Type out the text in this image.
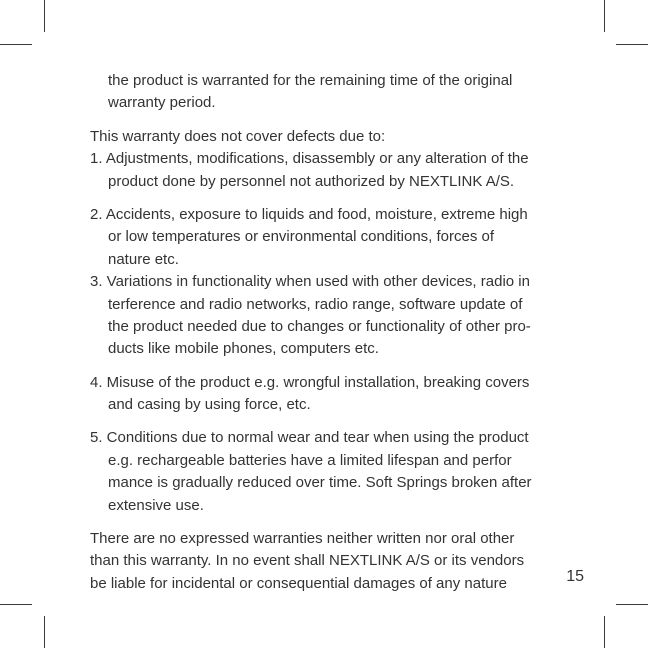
the product is warranted for the remaining time of the original
warranty period.
This warranty does not cover defects due to:
1. Adjustments, modifications, disassembly or any alteration of the
product done by personnel not authorized by NEXTLINK A/S.
2. Accidents, exposure to liquids and food, moisture, extreme high
or low temperatures or environmental conditions, forces of
nature etc.
3. Variations in functionality when used with other devices, radio in
terference and radio networks, radio range, software update of
the product needed due to changes or functionality of other pro-
ducts like mobile phones, computers etc.
4. Misuse of the product e.g. wrongful installation, breaking covers
and casing by using force, etc.
5. Conditions due to normal wear and tear when using the product
e.g. rechargeable batteries have a limited lifespan and perfor
mance is gradually reduced over time. Soft Springs broken after
extensive use.
There are no expressed warranties neither written nor oral other
than this warranty. In no event shall NEXTLINK A/S or its vendors
be liable for incidental or consequential damages of any nature	15
